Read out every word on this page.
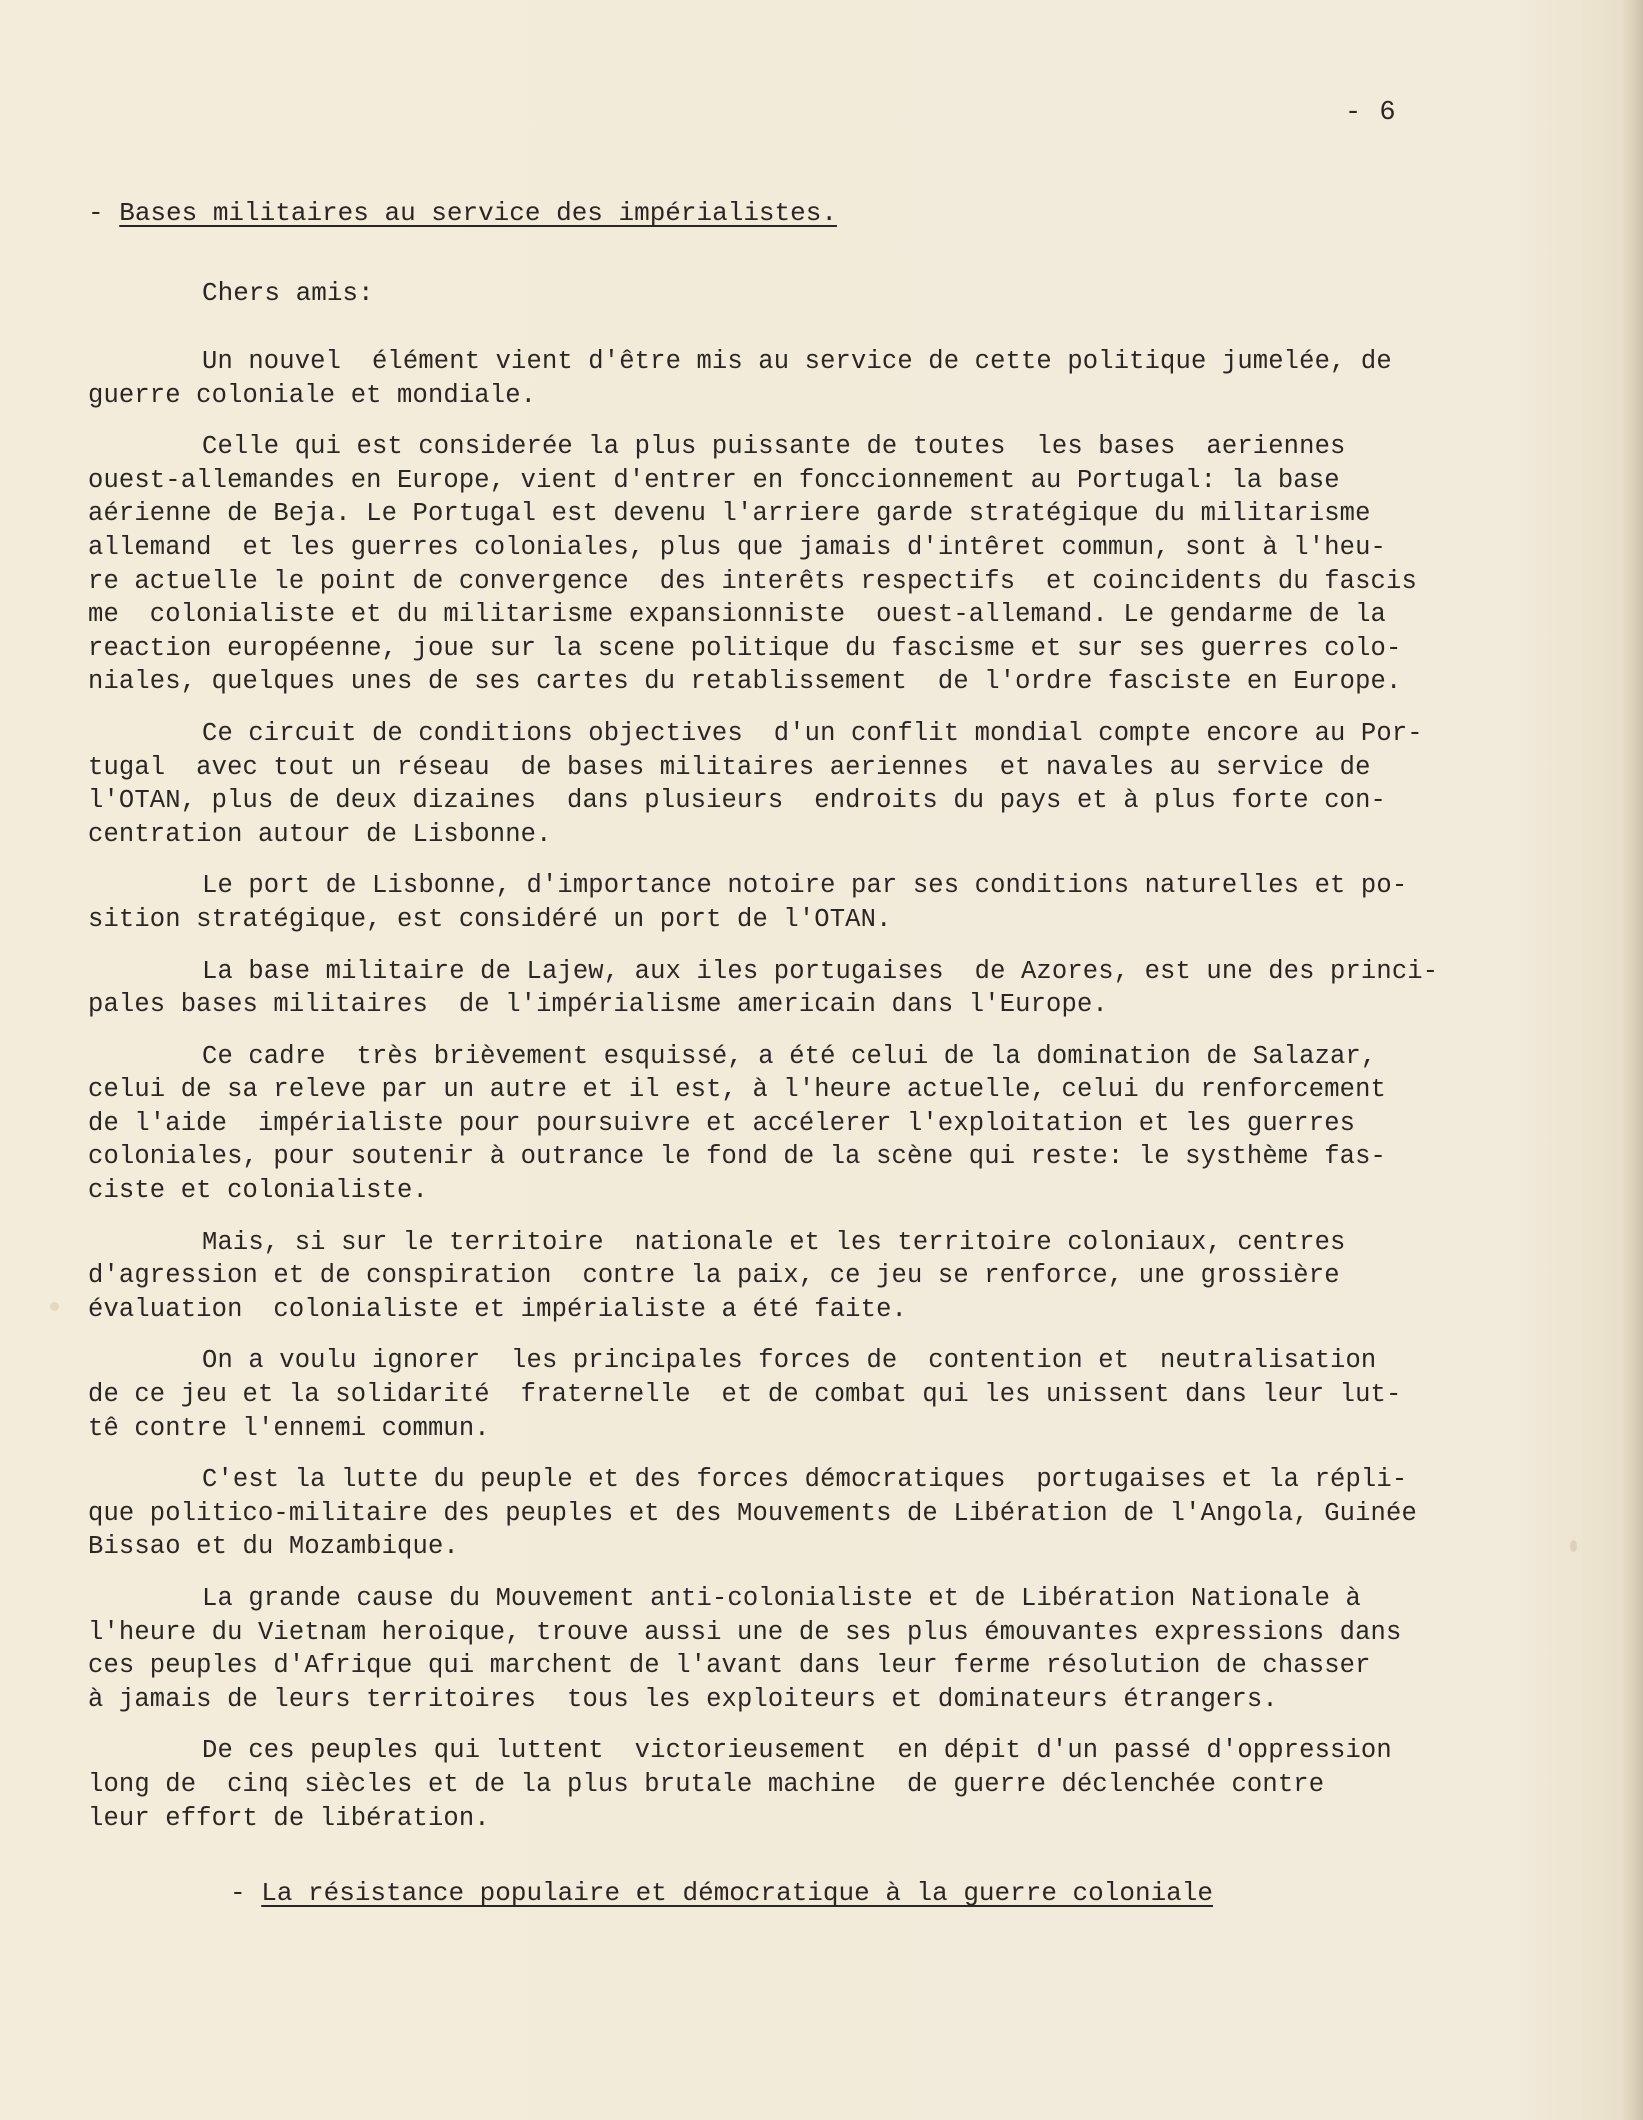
- 6
- Bases militaires au service des impérialistes.
Chers amis:
Un nouvel  élément vient d'être mis au service de cette politique jumelée, de
guerre coloniale et mondiale.
Celle qui est considerée la plus puissante de toutes  les bases  aeriennes
ouest-allemandes en Europe, vient d'entrer en fonccionnement au Portugal: la base
aérienne de Beja. Le Portugal est devenu l'arriere garde stratégique du militarisme
allemand  et les guerres coloniales, plus que jamais d'intêret commun, sont à l'heu-
re actuelle le point de convergence  des interêts respectifs  et coincidents du fascis
me  colonialiste et du militarisme expansionniste  ouest-allemand. Le gendarme de la
reaction européenne, joue sur la scene politique du fascisme et sur ses guerres colo-
niales, quelques unes de ses cartes du retablissement  de l'ordre fasciste en Europe.
Ce circuit de conditions objectives  d'un conflit mondial compte encore au Por-
tugal  avec tout un réseau  de bases militaires aeriennes  et navales au service de
l'OTAN, plus de deux dizaines  dans plusieurs  endroits du pays et à plus forte con-
centration autour de Lisbonne.
Le port de Lisbonne, d'importance notoire par ses conditions naturelles et po-
sition stratégique, est considéré un port de l'OTAN.
La base militaire de Lajew, aux iles portugaises  de Azores, est une des princi-
pales bases militaires  de l'impérialisme americain dans l'Europe.
Ce cadre  très brièvement esquissé, a été celui de la domination de Salazar,
celui de sa releve par un autre et il est, à l'heure actuelle, celui du renforcement
de l'aide  impérialiste pour poursuivre et accélerer l'exploitation et les guerres
coloniales, pour soutenir à outrance le fond de la scène qui reste: le systhème fas-
ciste et colonialiste.
Mais, si sur le territoire  nationale et les territoire coloniaux, centres
d'agression et de conspiration  contre la paix, ce jeu se renforce, une grossière
évaluation  colonialiste et impérialiste a été faite.
On a voulu ignorer  les principales forces de  contention et  neutralisation
de ce jeu et la solidarité  fraternelle  et de combat qui les unissent dans leur lut-
tê contre l'ennemi commun.
C'est la lutte du peuple et des forces démocratiques  portugaises et la répli-
que politico-militaire des peuples et des Mouvements de Libération de l'Angola, Guinée
Bissao et du Mozambique.
La grande cause du Mouvement anti-colonialiste et de Libération Nationale à
l'heure du Vietnam heroique, trouve aussi une de ses plus émouvantes expressions dans
ces peuples d'Afrique qui marchent de l'avant dans leur ferme résolution de chasser
à jamais de leurs territoires  tous les exploiteurs et dominateurs étrangers.
De ces peuples qui luttent  victorieusement  en dépit d'un passé d'oppression
long de  cinq siècles et de la plus brutale machine  de guerre déclenchée contre
leur effort de libération.
- La résistance populaire et démocratique à la guerre coloniale
